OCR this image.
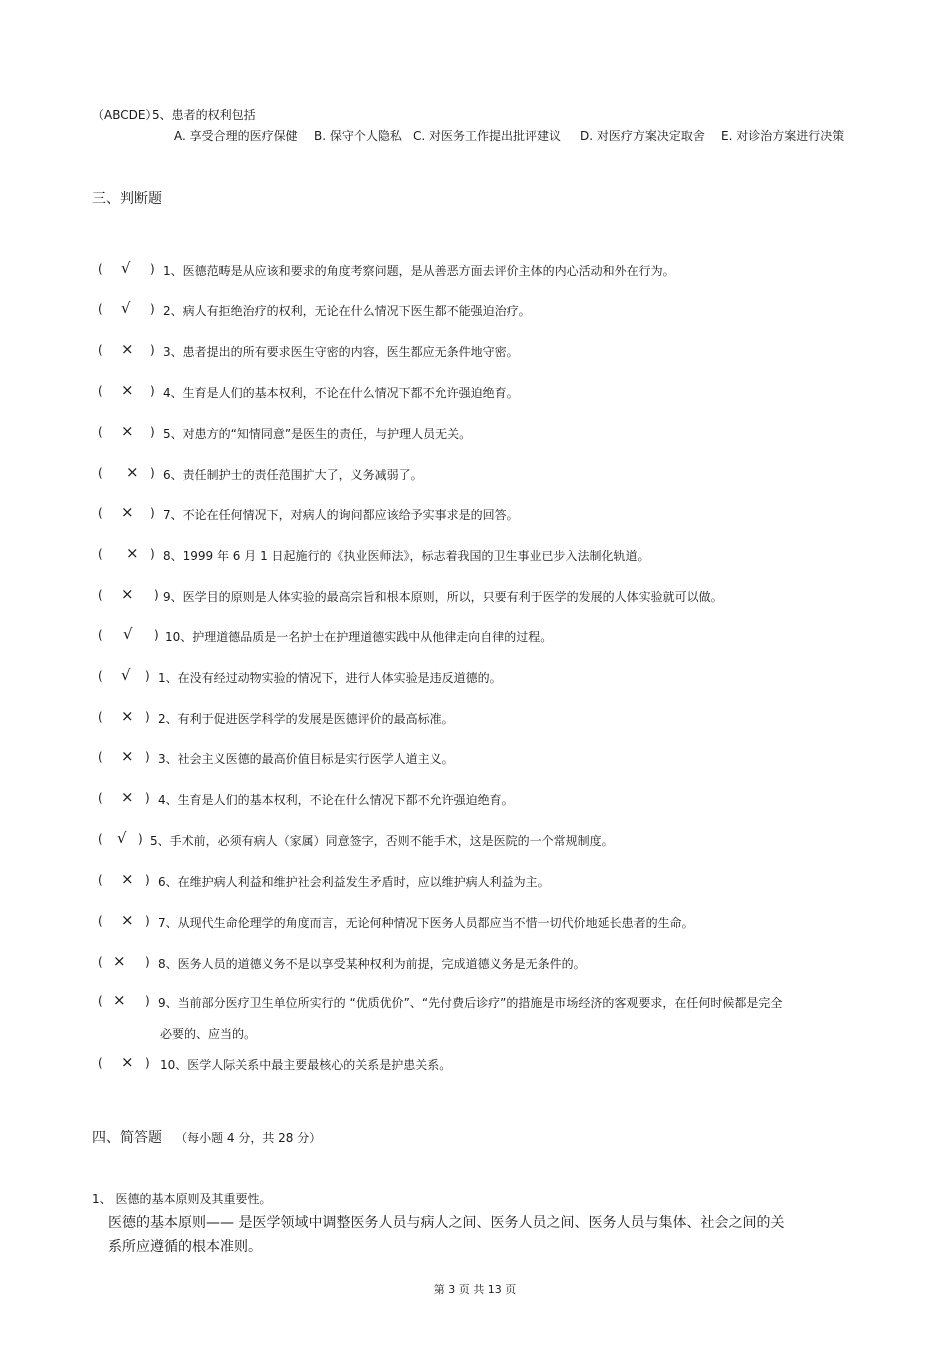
（ABCDE）
5、患者的权利包括
A. 享受合理的医疗保健 B. 保守个人隐私 C. 对医务工作提出批评建议 D. 对医疗方案决定取舍 E. 对诊治方案进行决策
三、判断题
( √ ) 1、医德范畴是从应该和要求的角度考察问题，是从善恶方面去评价主体的内心活动和外在行为。
( √ ) 2、病人有拒绝治疗的权利，无论在什么情况下医生都不能强迫治疗。
( × ) 3、患者提出的所有要求医生守密的内容，医生都应无条件地守密。
( × ) 4、生育是人们的基本权利，不论在什么情况下都不允许强迫绝育。
( × ) 5、对患方的“知情同意”是医生的责任，与护理人员无关。
( × ) 6、责任制护士的责任范围扩大了，义务减弱了。
( × ) 7、不论在任何情况下，对病人的询问都应该给予实事求是的回答。
( × ) 8、1999 年 6 月 1 日起施行的《执业医师法》，标志着我国的卫生事业已步入法制化轨道。
( × ) 9、医学目的原则是人体实验的最高宗旨和根本原则，所以，只要有利于医学的发展的人体实验就可以做。
( √ ) 10、护理道德品质是一名护士在护理道德实践中从他律走向自律的过程。
( √ ) 1、在没有经过动物实验的情况下，进行人体实验是违反道德的。
( × ) 2、有利于促进医学科学的发展是医德评价的最高标准。
( × ) 3、社会主义医德的最高价值目标是实行医学人道主义。
( × ) 4、生育是人们的基本权利，不论在什么情况下都不允许强迫绝育。
( √ ) 5、手术前，必须有病人（家属）同意签字，否则不能手术，这是医院的一个常规制度。
( × ) 6、在维护病人利益和维护社会利益发生矛盾时，应以维护病人利益为主。
( × ) 7、从现代生命伦理学的角度而言，无论何种情况下医务人员都应当不惜一切代价地延长患者的生命。
( × ) 8、医务人员的道德义务不是以享受某种权利为前提，完成道德义务是无条件的。
( × ) 9、当前部分医疗卫生单位所实行的 “优质优价”、“先付费后诊疗”的措施是市场经济的客观要求，在任何时候都是完全
必要的、应当的。
( × ) 10、医学人际关系中最主要最核心的关系是护患关系。
四、简答题 （每小题 4 分，共 28 分）
1、 医德的基本原则及其重要性。
医德的基本原则—— 是医学领域中调整医务人员与病人之间、医务人员之间、医务人员与集体、社会之间的关
系所应遵循的根本准则。
第 3 页 共 13 页
